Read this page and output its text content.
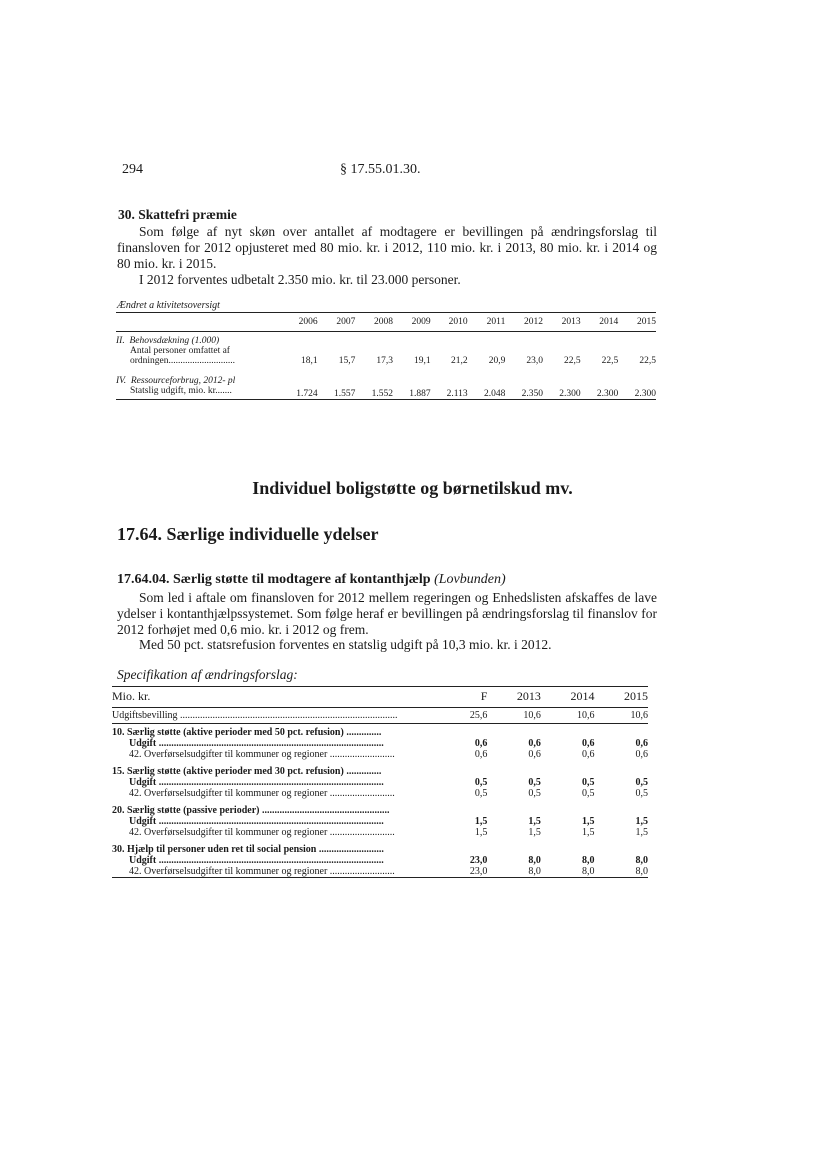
294	§ 17.55.01.30.
30. Skattefri præmie
Som følge af nyt skøn over antallet af modtagere er bevillingen på ændringsforslag til finansloven for 2012 opjusteret med 80 mio. kr. i 2012, 110 mio. kr. i 2013, 80 mio. kr. i 2014 og 80 mio. kr. i 2015.
I 2012 forventes udbetalt 2.350 mio. kr. til 23.000 personer.
Ændret a ktivitetsoversigt
	2006	2007	2008	2009	2010	2011	2012	2013	2014	2015

II. Behovsdækning (1.000)										
Antal personer omfattet af										
ordningen............................	18,1	15,7	17,3	19,1	21,2	20,9	23,0	22,5	22,5	22,5

IV. Ressourceforbrug, 2012- pl										
Statslig udgift, mio. kr.......	1.724	1.557	1.552	1.887	2.113	2.048	2.350	2.300	2.300	2.300
Individuel boligstøtte og børnetilskud mv.
17.64. Særlige individuelle ydelser
17.64.04. Særlig støtte til modtagere af kontanthjælp (Lovbunden)
Som led i aftale om finansloven for 2012 mellem regeringen og Enhedslisten afskaffes de lave ydelser i kontanthjælpssystemet. Som følge heraf er bevillingen på ændringsforslag til finanslov for 2012 forhøjet med 0,6 mio. kr. i 2012 og frem.
Med 50 pct. statsrefusion forventes en statslig udgift på 10,3 mio. kr. i 2012.
Specifikation af ændringsforslag:
Mio. kr.	F	2013	2014	2015
Udgiftsbevilling .......................................................................................	25,6	10,6	10,6	10,6

10. Særlig støtte (aktive perioder med 50 pct. refusion) ..............				
Udgift ..........................................................................................	0,6	0,6	0,6	0,6
42. Overførselsudgifter til kommuner og regioner ..........................	0,6	0,6	0,6	0,6

15. Særlig støtte (aktive perioder med 30 pct. refusion) ..............				
Udgift ..........................................................................................	0,5	0,5	0,5	0,5
42. Overførselsudgifter til kommuner og regioner ..........................	0,5	0,5	0,5	0,5

20. Særlig støtte (passive perioder) ...................................................				
Udgift ..........................................................................................	1,5	1,5	1,5	1,5
42. Overførselsudgifter til kommuner og regioner ..........................	1,5	1,5	1,5	1,5

30. Hjælp til personer uden ret til social pension ..........................				
Udgift ..........................................................................................	23,0	8,0	8,0	8,0
42. Overførselsudgifter til kommuner og regioner ..........................	23,0	8,0	8,0	8,0
